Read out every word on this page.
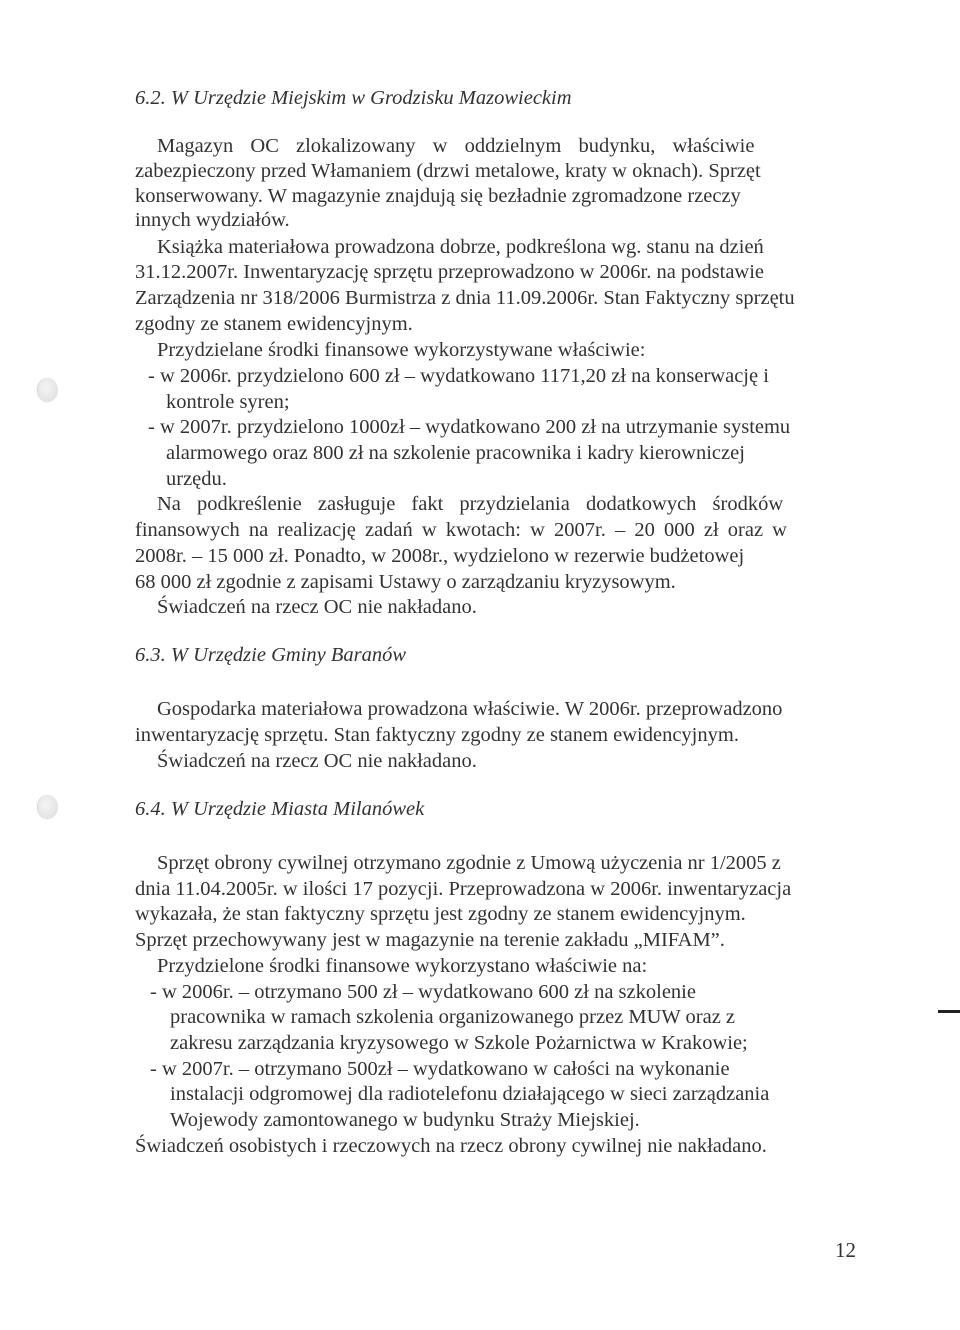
6.2. W Urzędzie Miejskim w Grodzisku Mazowieckim
Magazyn OC zlokalizowany w oddzielnym budynku, właściwie
zabezpieczony przed Włamaniem (drzwi metalowe, kraty w oknach). Sprzęt
konserwowany. W magazynie znajdują się bezładnie zgromadzone rzeczy
innych wydziałów.
Książka materiałowa prowadzona dobrze, podkreślona wg. stanu na dzień
31.12.2007r. Inwentaryzację sprzętu przeprowadzono w 2006r. na podstawie
Zarządzenia nr 318/2006 Burmistrza z dnia 11.09.2006r. Stan Faktyczny sprzętu
zgodny ze stanem ewidencyjnym.
Przydzielane środki finansowe wykorzystywane właściwie:
- w 2006r. przydzielono 600 zł – wydatkowano 1171,20 zł na konserwację i
kontrole syren;
- w 2007r. przydzielono 1000zł – wydatkowano 200 zł na utrzymanie systemu
alarmowego oraz 800 zł na szkolenie pracownika i kadry kierowniczej
urzędu.
Na podkreślenie zasługuje fakt przydzielania dodatkowych środków
finansowych na realizację zadań w kwotach: w 2007r. – 20 000 zł oraz w
2008r. – 15 000 zł. Ponadto, w 2008r., wydzielono w rezerwie budżetowej
68 000 zł zgodnie z zapisami Ustawy o zarządzaniu kryzysowym.
Świadczeń na rzecz OC nie nakładano.
6.3. W Urzędzie Gminy Baranów
Gospodarka materiałowa prowadzona właściwie. W 2006r. przeprowadzono
inwentaryzację sprzętu. Stan faktyczny zgodny ze stanem ewidencyjnym.
Świadczeń na rzecz OC nie nakładano.
6.4. W Urzędzie Miasta Milanówek
Sprzęt obrony cywilnej otrzymano zgodnie z Umową użyczenia nr 1/2005 z
dnia 11.04.2005r. w ilości 17 pozycji. Przeprowadzona w 2006r. inwentaryzacja
wykazała, że stan faktyczny sprzętu jest zgodny ze stanem ewidencyjnym.
Sprzęt przechowywany jest w magazynie na terenie zakładu „MIFAM”.
Przydzielone środki finansowe wykorzystano właściwie na:
- w 2006r. – otrzymano 500 zł – wydatkowano 600 zł na szkolenie
pracownika w ramach szkolenia organizowanego przez MUW oraz z
zakresu zarządzania kryzysowego w Szkole Pożarnictwa w Krakowie;
- w 2007r. – otrzymano 500zł – wydatkowano w całości na wykonanie
instalacji odgromowej dla radiotelefonu działającego w sieci zarządzania
Wojewody zamontowanego w budynku Straży Miejskiej.
Świadczeń osobistych i rzeczowych na rzecz obrony cywilnej nie nakładano.
12
